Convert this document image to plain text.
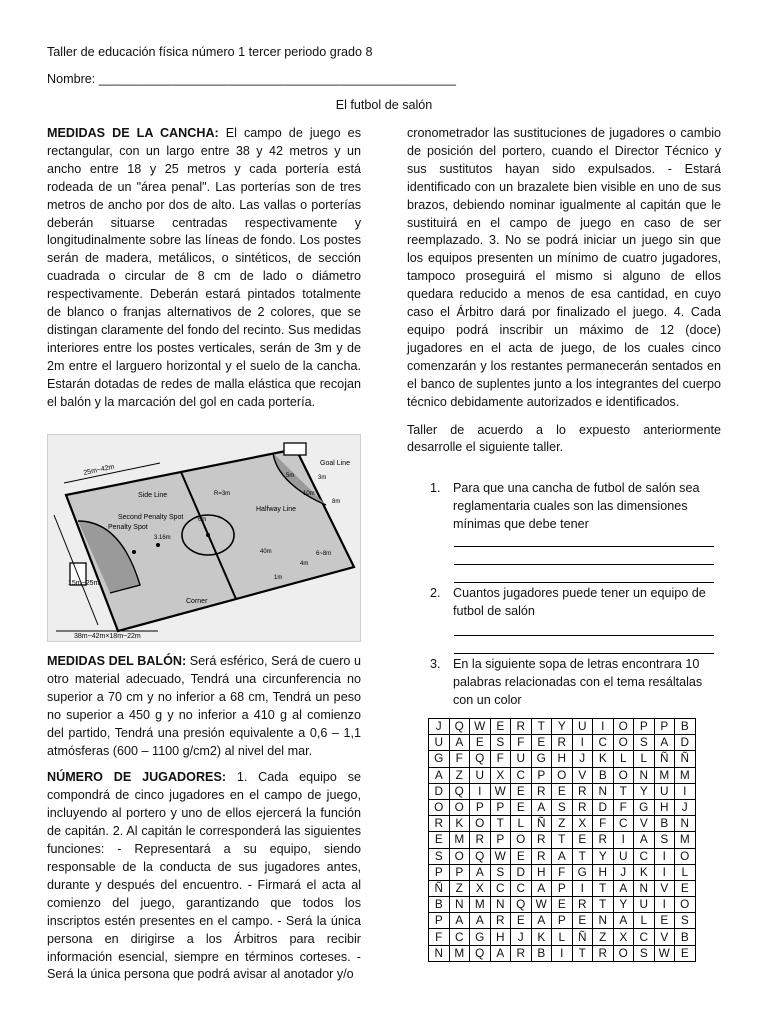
Taller de educación física número 1 tercer periodo grado 8
Nombre: ___________________________________________________
El futbol de salón

MEDIDAS DE LA CANCHA: El campo de juego es rectangular, con un largo entre 38 y 42 metros y un ancho entre 18 y 25 metros y cada portería está rodeada de un "área penal". Las porterías son de tres metros de ancho por dos de alto. Las vallas o porterías deberán situarse centradas respectivamente y longitudinalmente sobre las líneas de fondo. Los postes serán de madera, metálicos, o sintéticos, de sección cuadrada o circular de 8 cm de lado o diámetro respectivamente. Deberán estará pintados totalmente de blanco o franjas alternativos de 2 colores, que se distingan claramente del fondo del recinto. Sus medidas interiores entre los postes verticales, serán de 3m y de 2m entre el larguero horizontal y el suelo de la cancha. Estarán dotadas de redes de malla elástica que recojan el balón y la marcación del gol en cada portería.

25m~42m
Goal Line
Side Line
Second Penalty Spot
Penalty Spot
Halfway Line
15m~25m
Corner
38m~42m×18m~22m
R=3m
5m
10m
6m
3m
8m
4m
6~8m
40m
3.16m
1m

MEDIDAS DEL BALÓN: Será esférico, Será de cuero u otro material adecuado, Tendrá una circunferencia no superior a 70 cm y no inferior a 68 cm, Tendrá un peso no superior a 450 g y no inferior a 410 g al comienzo del partido, Tendrá una presión equivalente a 0,6 – 1,1 atmósferas (600 – 1100 g/cm2) al nivel del mar.

NÚMERO DE JUGADORES: 1. Cada equipo se compondrá de cinco jugadores en el campo de juego, incluyendo al portero y uno de ellos ejercerá la función de capitán. 2. Al capitán le corresponderá las siguientes funciones: - Representará a su equipo, siendo responsable de la conducta de sus jugadores antes, durante y después del encuentro. - Firmará el acta al comienzo del juego, garantizando que todos los inscriptos estén presentes en el campo. - Será la única persona en dirigirse a los Árbitros para recibir información esencial, siempre en términos corteses. - Será la única persona que podrá avisar al anotador y/o

cronometrador las sustituciones de jugadores o cambio de posición del portero, cuando el Director Técnico y sus sustitutos hayan sido expulsados. - Estará identificado con un brazalete bien visible en uno de sus brazos, debiendo nominar igualmente al capitán que le sustituirá en el campo de juego en caso de ser reemplazado. 3. No se podrá iniciar un juego sin que los equipos presenten un mínimo de cuatro jugadores, tampoco proseguirá el mismo si alguno de ellos quedara reducido a menos de esa cantidad, en cuyo caso el Árbitro dará por finalizado el juego. 4. Cada equipo podrá inscribir un máximo de 12 (doce) jugadores en el acta de juego, de los cuales cinco comenzarán y los restantes permanecerán sentados en el banco de suplentes junto a los integrantes del cuerpo técnico debidamente autorizados e identificados.

Taller de acuerdo a lo expuesto anteriormente desarrolle el siguiente taller.

1. Para que una cancha de futbol de salón sea reglamentaria cuales son las dimensiones mínimas que debe tener
2. Cuantos jugadores puede tener un equipo de futbol de salón
3. En la siguiente sopa de letras encontrara 10 palabras relacionadas con el tema resáltalas con un color
J	Q	W	E	R	T	Y	U	I	O	P	P	B
U	A	E	S	F	E	R	I	C	O	S	A	D
G	F	Q	F	U	G	H	J	K	L	L	Ñ	Ñ
A	Z	U	X	C	P	O	V	B	O	N	M	M
D	Q	I	W	E	R	E	R	N	T	Y	U	I
O	O	P	P	E	A	S	R	D	F	G	H	J
R	K	O	T	L	Ñ	Z	X	F	C	V	B	N
E	M	R	P	O	R	T	E	R	I	A	S	M
S	O	Q	W	E	R	A	T	Y	U	C	I	O
P	P	A	S	D	H	F	G	H	J	K	I	L
Ñ	Z	X	C	C	A	P	I	T	A	N	V	E
B	N	M	N	Q	W	E	R	T	Y	U	I	O
P	A	A	R	E	A	P	E	N	A	L	E	S
F	C	G	H	J	K	L	Ñ	Z	X	C	V	B
N	M	Q	A	R	B	I	T	R	O	S	W	E
